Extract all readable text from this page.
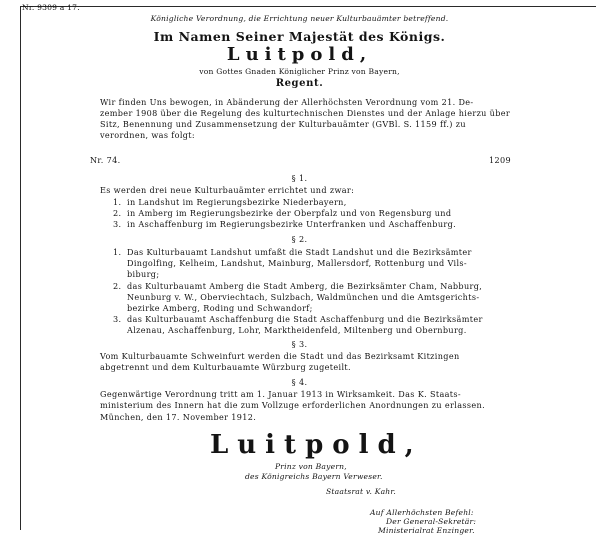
Nr. 9309 a 17.
Königliche Verordnung, die Errichtung neuer Kulturbauämter betreffend.
Im Namen Seiner Majestät des Königs.
Luitpold,
von Gottes Gnaden Königlicher Prinz von Bayern,
Regent.
Wir finden Uns bewogen, in Abänderung der Allerhöchsten Verordnung vom 21. De-
zember 1908 über die Regelung des kulturtechnischen Dienstes und der Anlage hierzu über
Sitz, Benennung und Zusammensetzung der Kulturbauämter (GVBl. S. 1159 ff.) zu
verordnen, was folgt:
Nr. 74.	1209
§ 1.
Es werden drei neue Kulturbauämter errichtet und zwar:
1. in Landshut im Regierungsbezirke Niederbayern,
2. in Amberg im Regierungsbezirke der Oberpfalz und von Regensburg und
3. in Aschaffenburg im Regierungsbezirke Unterfranken und Aschaffenburg.
§ 2.
1. Das Kulturbauamt Landshut umfaßt die Stadt Landshut und die Bezirksämter
Dingolfing, Kelheim, Landshut, Mainburg, Mallersdorf, Rottenburg und Vils-
biburg;
2. das Kulturbauamt Amberg die Stadt Amberg, die Bezirksämter Cham, Nabburg,
Neunburg v. W., Oberviechtach, Sulzbach, Waldmünchen und die Amtsgerichts-
bezirke Amberg, Roding und Schwandorf;
3. das Kulturbauamt Aschaffenburg die Stadt Aschaffenburg und die Bezirksämter
Alzenau, Aschaffenburg, Lohr, Marktheidenfeld, Miltenberg und Obernburg.
§ 3.
Vom Kulturbauamte Schweinfurt werden die Stadt und das Bezirksamt Kitzingen
abgetrennt und dem Kulturbauamte Würzburg zugeteilt.
§ 4.
Gegenwärtige Verordnung tritt am 1. Januar 1913 in Wirksamkeit. Das K. Staats-
ministerium des Innern hat die zum Vollzuge erforderlichen Anordnungen zu erlassen.
München, den 17. November 1912.
Luitpold,
Prinz von Bayern,
des Königreichs Bayern Verweser.
Staatsrat v. Kahr.
Auf Allerhöchsten Befehl:
Der General-Sekretär:
Ministerialrat Enzinger.
